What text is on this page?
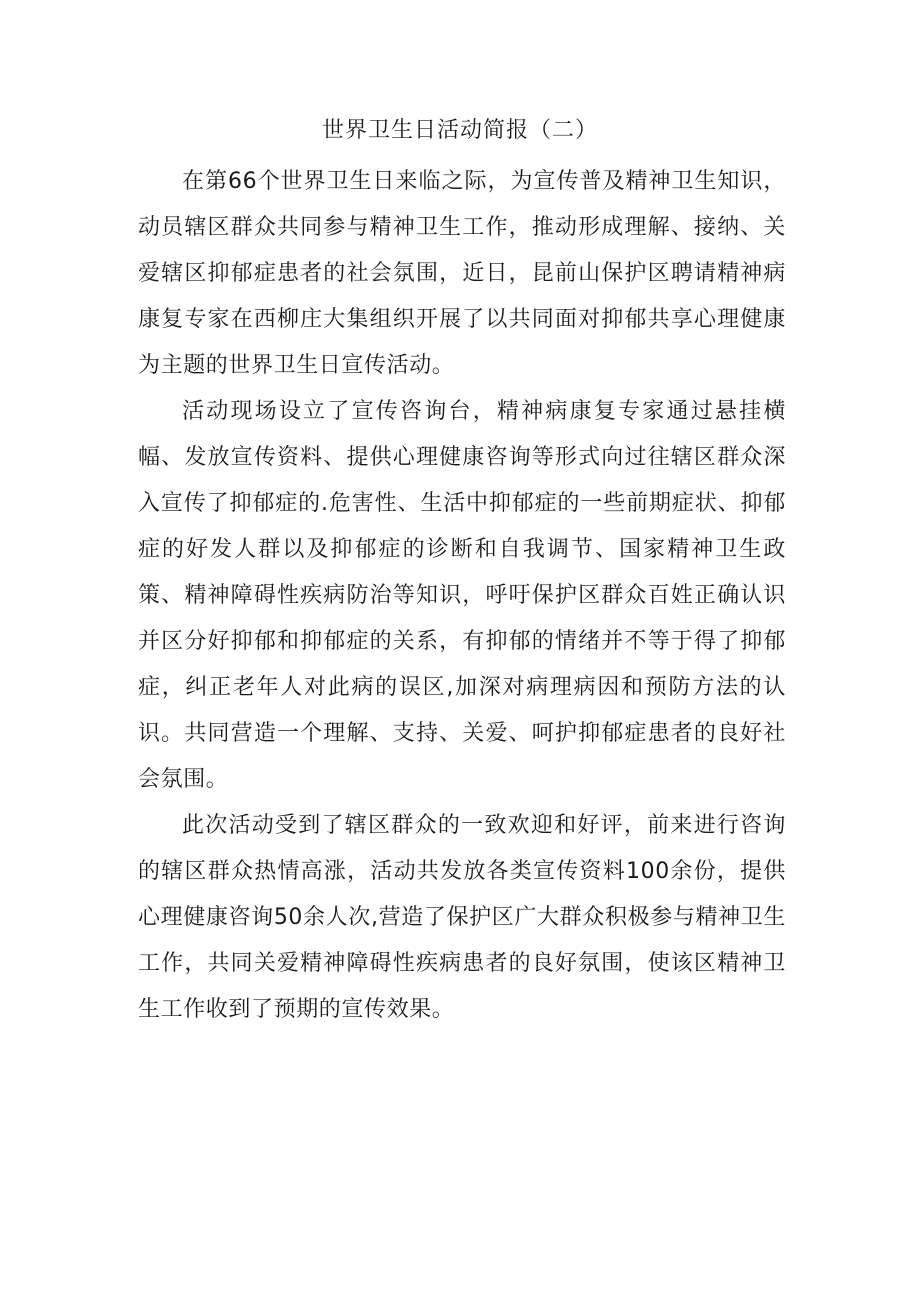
世界卫生日活动简报（二）

在第66个世界卫生日来临之际，为宣传普及精神卫生知识，动员辖区群众共同参与精神卫生工作，推动形成理解、接纳、关爱辖区抑郁症患者的社会氛围，近日，昆前山保护区聘请精神病康复专家在西柳庄大集组织开展了以共同面对抑郁共享心理健康为主题的世界卫生日宣传活动。

活动现场设立了宣传咨询台，精神病康复专家通过悬挂横幅、发放宣传资料、提供心理健康咨询等形式向过往辖区群众深入宣传了抑郁症的.危害性、生活中抑郁症的一些前期症状、抑郁症的好发人群以及抑郁症的诊断和自我调节、国家精神卫生政策、精神障碍性疾病防治等知识，呼吁保护区群众百姓正确认识并区分好抑郁和抑郁症的关系，有抑郁的情绪并不等于得了抑郁症，纠正老年人对此病的误区,加深对病理病因和预防方法的认识。共同营造一个理解、支持、关爱、呵护抑郁症患者的良好社会氛围。

此次活动受到了辖区群众的一致欢迎和好评，前来进行咨询的辖区群众热情高涨，活动共发放各类宣传资料100余份，提供心理健康咨询50余人次,营造了保护区广大群众积极参与精神卫生工作，共同关爱精神障碍性疾病患者的良好氛围，使该区精神卫生工作收到了预期的宣传效果。
